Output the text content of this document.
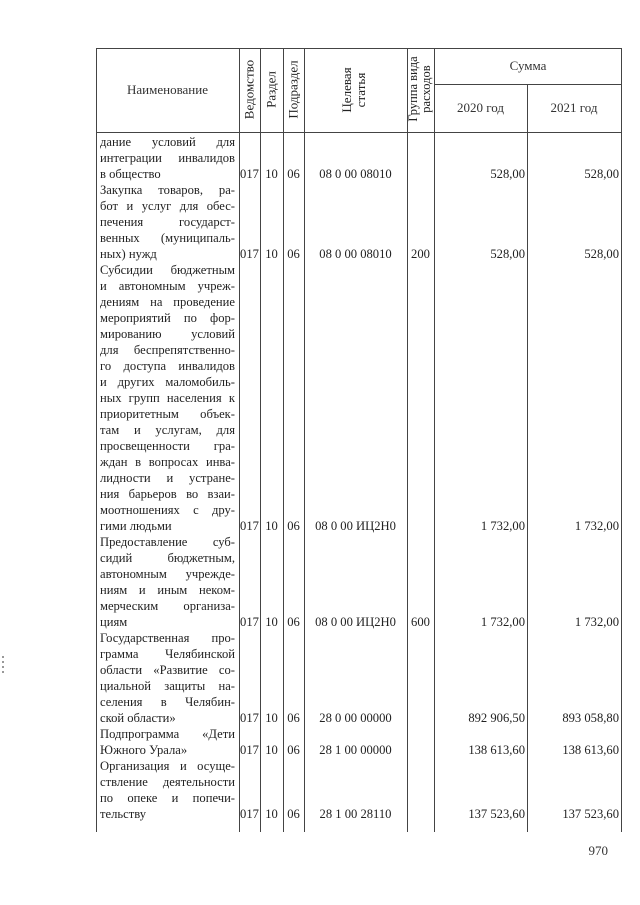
Наименование	Ведомство Раздел Подраздел	Целевая статья	Группа вида расходов	Сумма
2020 год	2021 год
дание условий для
интеграции инвалидов
в общество	017 10 06	08 0 00 08010	528,00	528,00
Закупка товаров, ра-
бот и услуг для обес-
печения государст-
венных (муниципаль-
ных) нужд	017 10 06	08 0 00 08010	200	528,00	528,00
Субсидии бюджетным
и автономным учреж-
дениям на проведение
мероприятий по фор-
мированию условий
для беспрепятственно-
го доступа инвалидов
и других маломобиль-
ных групп населения к
приоритетным объек-
там и услугам, для
просвещенности гра-
ждан в вопросах инва-
лидности и устране-
ния барьеров во взаи-
моотношениях с дру-
гими людьми	017 10 06	08 0 00 ИЦ2Н0	1 732,00	1 732,00
Предоставление суб-
сидий бюджетным,
автономным учрежде-
ниям и иным неком-
мерческим организа-
циям	017 10 06	08 0 00 ИЦ2Н0	600	1 732,00	1 732,00
Государственная про-
грамма Челябинской
области «Развитие со-
циальной защиты на-
селения в Челябин-
ской области»	017 10 06	28 0 00 00000	892 906,50	893 058,80
Подпрограмма «Дети
Южного Урала»	017 10 06	28 1 00 00000	138 613,60	138 613,60
Организация и осуще-
ствление деятельности
по опеке и попечи-
тельству	017 10 06	28 1 00 28110	137 523,60	137 523,60
970
